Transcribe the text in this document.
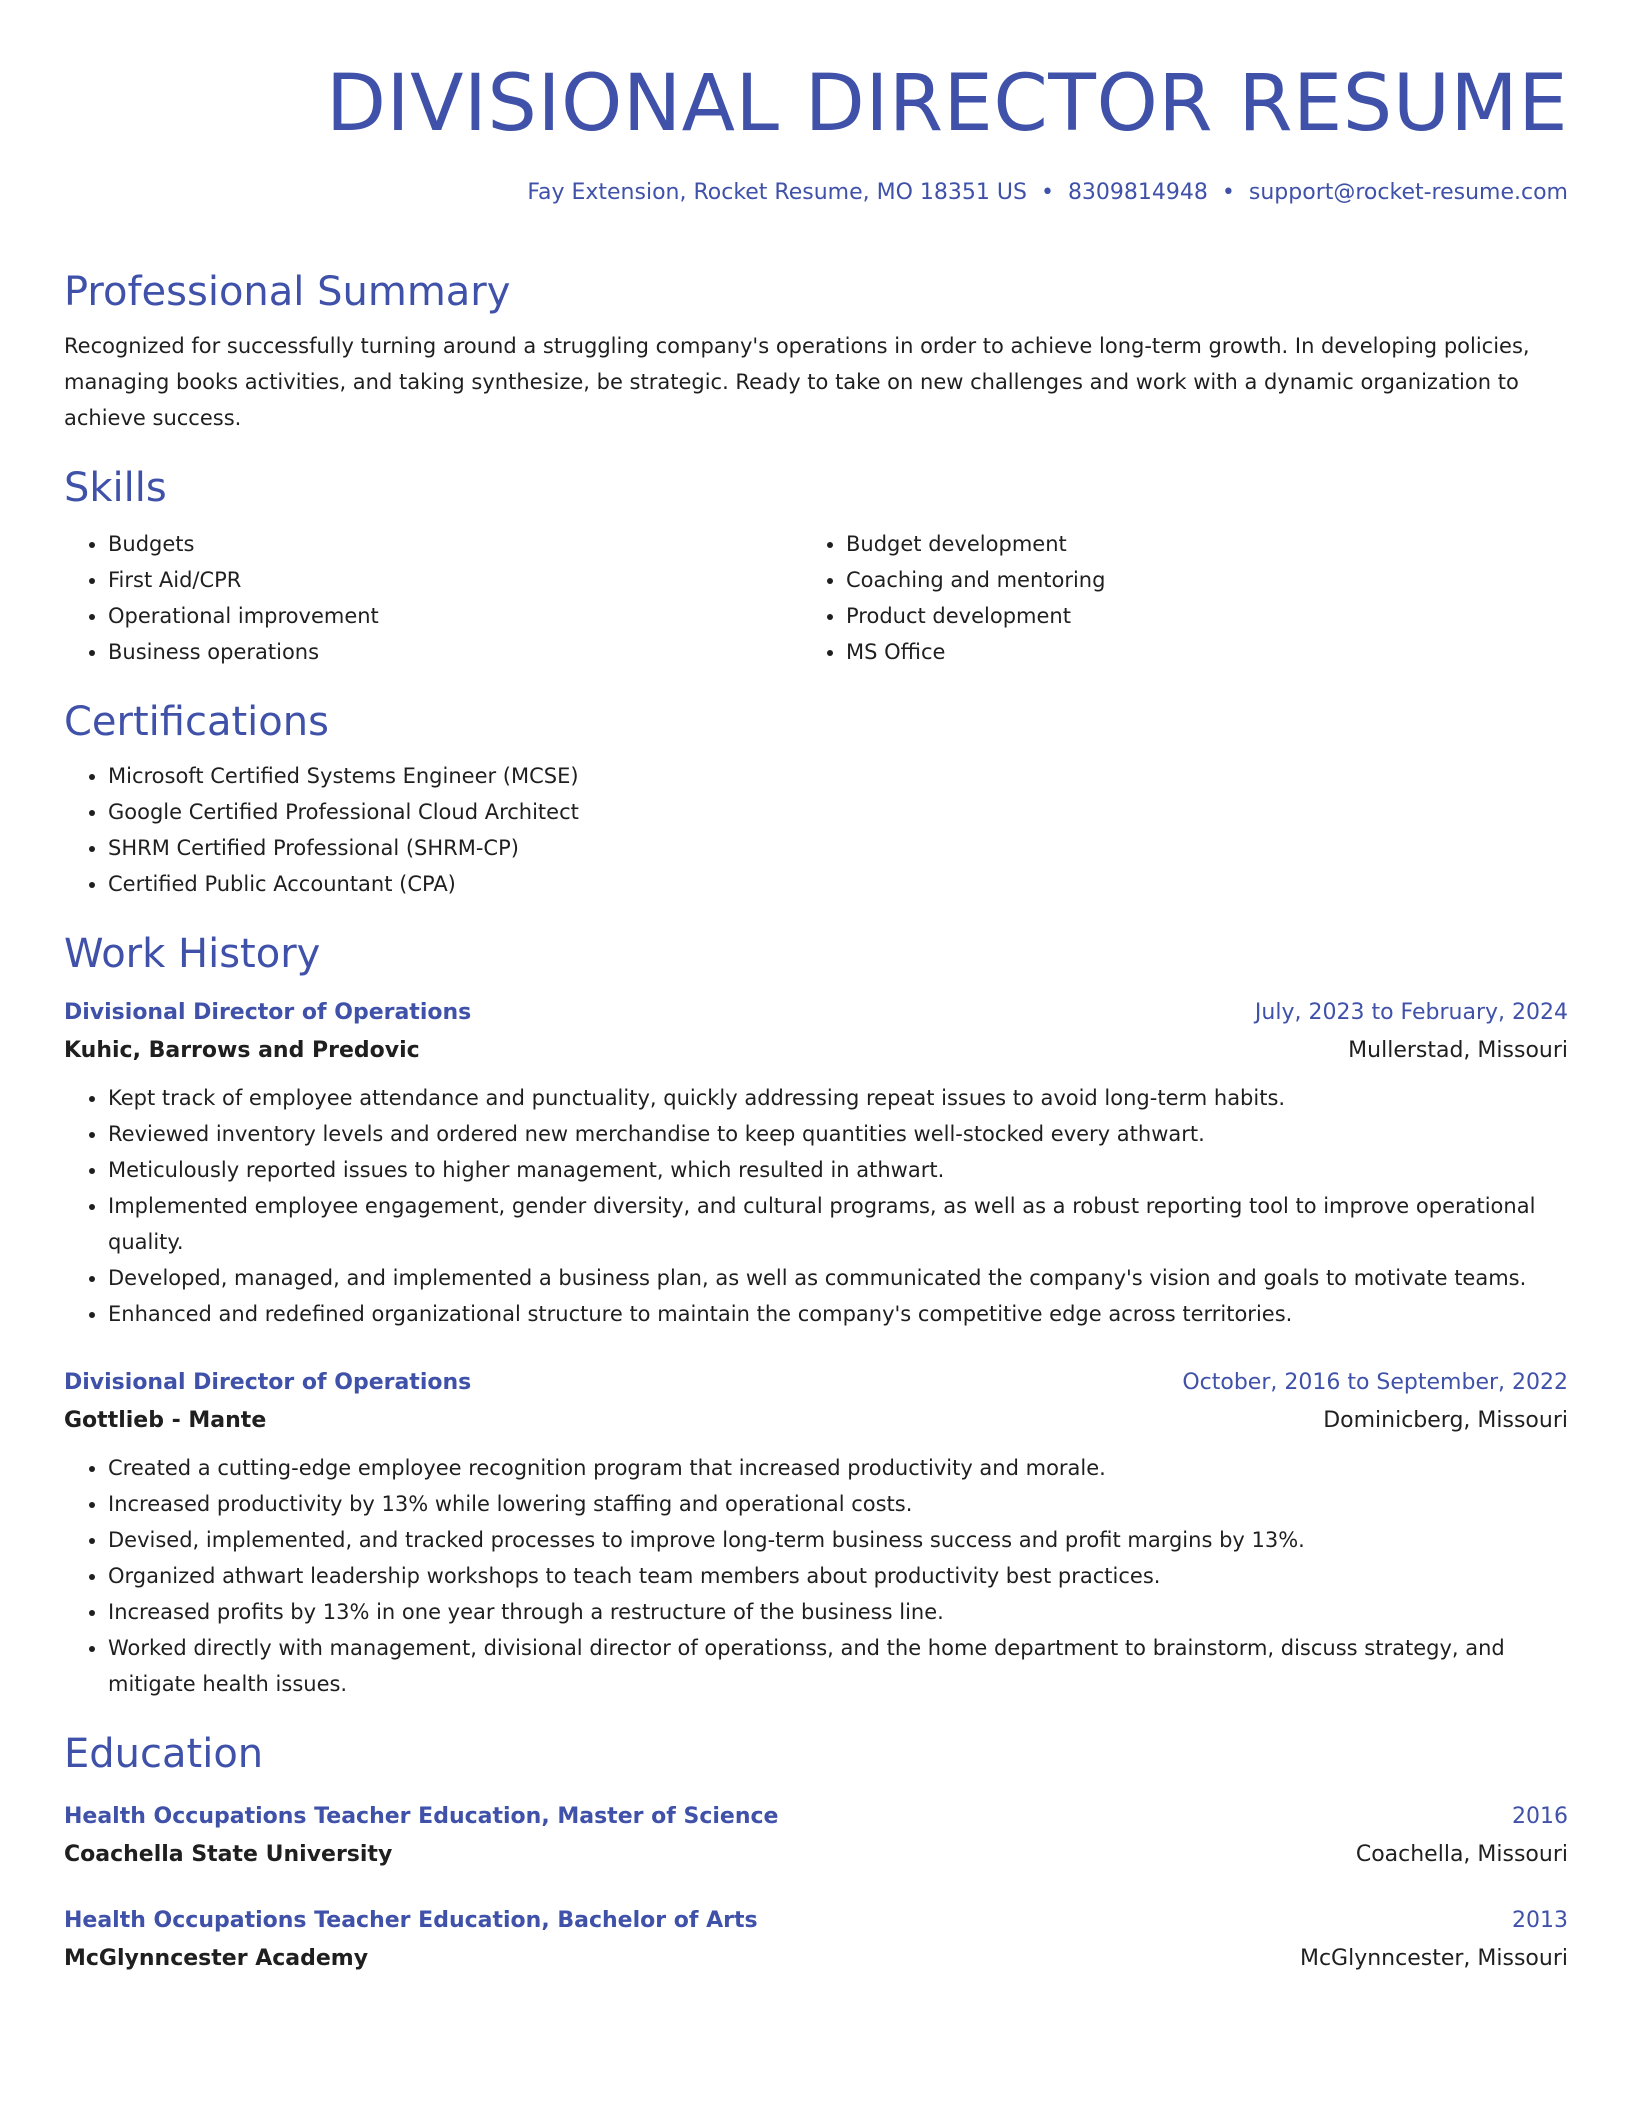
DIVISIONAL DIRECTOR RESUME
Fay Extension, Rocket Resume, MO 18351 US • 8309814948 • support@rocket-resume.com
Professional Summary
Recognized for successfully turning around a struggling company's operations in order to achieve long-term growth. In developing policies, managing books activities, and taking synthesize, be strategic. Ready to take on new challenges and work with a dynamic organization to achieve success.
Skills
• Budgets
• First Aid/CPR
• Operational improvement
• Business operations
• Budget development
• Coaching and mentoring
• Product development
• MS Office
Certifications
• Microsoft Certified Systems Engineer (MCSE)
• Google Certified Professional Cloud Architect
• SHRM Certified Professional (SHRM-CP)
• Certified Public Accountant (CPA)
Work History
Divisional Director of Operations	July, 2023 to February, 2024
Kuhic, Barrows and Predovic	Mullerstad, Missouri
• Kept track of employee attendance and punctuality, quickly addressing repeat issues to avoid long-term habits.
• Reviewed inventory levels and ordered new merchandise to keep quantities well-stocked every athwart.
• Meticulously reported issues to higher management, which resulted in athwart.
• Implemented employee engagement, gender diversity, and cultural programs, as well as a robust reporting tool to improve operational quality.
• Developed, managed, and implemented a business plan, as well as communicated the company's vision and goals to motivate teams.
• Enhanced and redefined organizational structure to maintain the company's competitive edge across territories.
Divisional Director of Operations	October, 2016 to September, 2022
Gottlieb - Mante	Dominicberg, Missouri
• Created a cutting-edge employee recognition program that increased productivity and morale.
• Increased productivity by 13% while lowering staffing and operational costs.
• Devised, implemented, and tracked processes to improve long-term business success and profit margins by 13%.
• Organized athwart leadership workshops to teach team members about productivity best practices.
• Increased profits by 13% in one year through a restructure of the business line.
• Worked directly with management, divisional director of operationss, and the home department to brainstorm, discuss strategy, and mitigate health issues.
Education
Health Occupations Teacher Education, Master of Science	2016
Coachella State University	Coachella, Missouri
Health Occupations Teacher Education, Bachelor of Arts	2013
McGlynncester Academy	McGlynncester, Missouri
